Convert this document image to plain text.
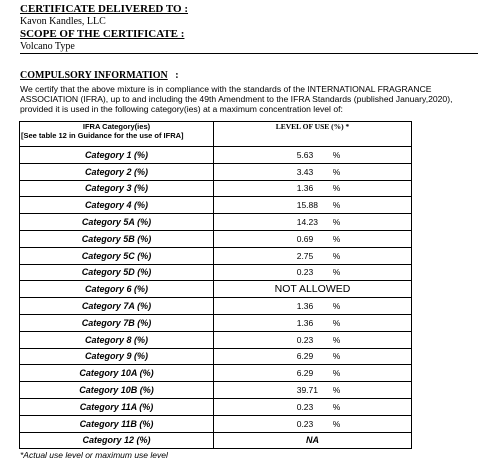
CERTIFICATE DELIVERED TO :
Kavon Kandles, LLC
SCOPE OF THE CERTIFICATE :
Volcano Type
COMPULSORY INFORMATION   :
We certify that the above mixture is in compliance with the standards of the INTERNATIONAL FRAGRANCE
ASSOCIATION (IFRA), up to and including the 49th Amendment to the IFRA Standards (published January,2020),
provided it is used in the following category(ies) at a maximum concentration level of:
IFRA Category(ies)
[See table 12 in Guidance for the use of IFRA]	LEVEL OF USE (%) *
Category 1 (%)	5.63 %
Category 2 (%)	3.43 %
Category 3 (%)	1.36 %
Category 4 (%)	15.88 %
Category 5A (%)	14.23 %
Category 5B (%)	0.69 %
Category 5C (%)	2.75 %
Category 5D (%)	0.23 %
Category 6 (%)	NOT ALLOWED
Category 7A (%)	1.36 %
Category 7B (%)	1.36 %
Category 8 (%)	0.23 %
Category 9 (%)	6.29 %
Category 10A (%)	6.29 %
Category 10B (%)	39.71 %
Category 11A (%)	0.23 %
Category 11B (%)	0.23 %
Category 12 (%)	NA
*Actual use level or maximum use level
